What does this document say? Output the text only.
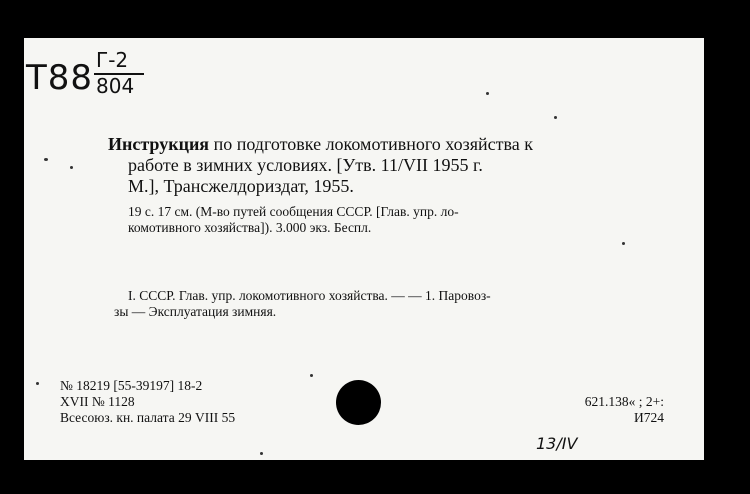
Т88 Г-2
804
Инструкция по подготовке локомотивного хозяйства к
работе в зимних условиях. [Утв. 11/VII 1955 г.
М.], Трансжелдориздат, 1955.
19 с. 17 см. (М-во путей сообщения СССР. [Глав. упр. ло-
комотивного хозяйства]). 3.000 экз. Беспл.
I. СССР. Глав. упр. локомотивного хозяйства. — — 1. Паровоз-
зы — Эксплуатация зимняя.
№ 18219 [55-39197] 18-2
XVII № 1128
Всесоюз. кн. палата 29 VIII 55
621.138« ; 2+:
И724
13/IV
